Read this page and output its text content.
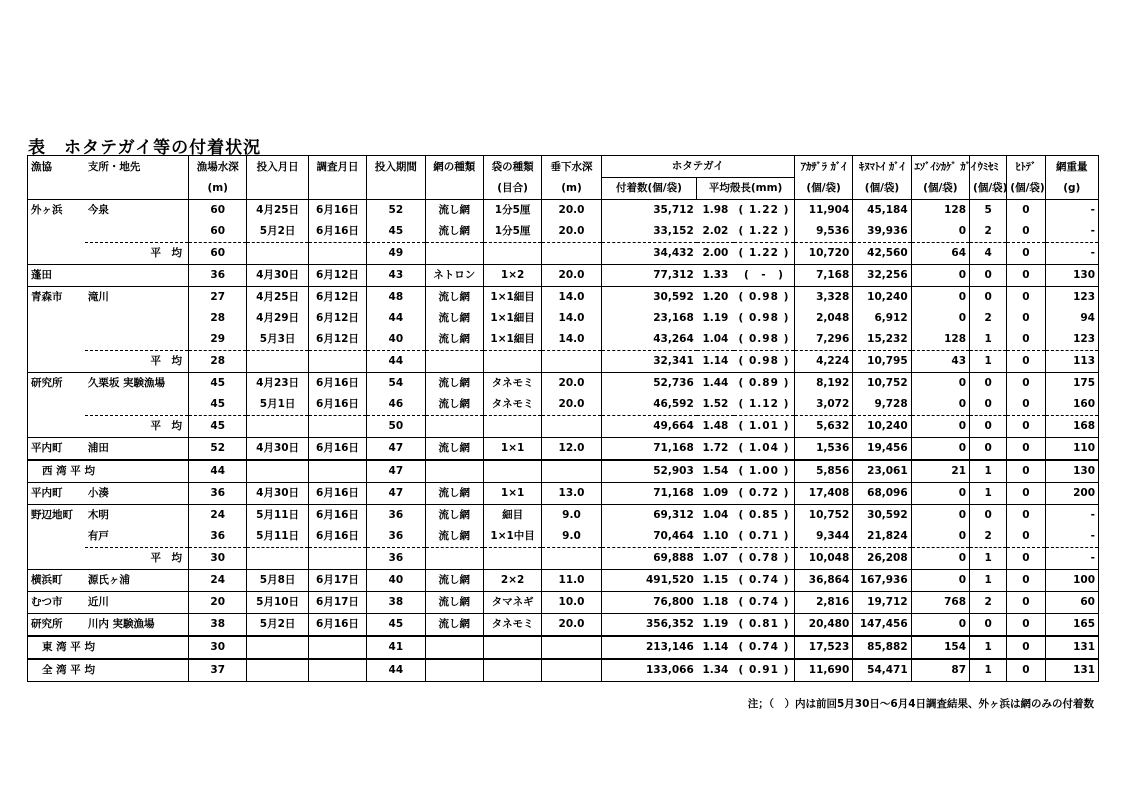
表　ホタテガイ等の付着状況
漁協	支所・地先	漁場水深	投入月日	調査月日	投入期間	網の種類	袋の種類	垂下水深	ホタテガイ			ｱｶｻﾞﾗ ｶﾞｲ	ｷﾇﾏﾄｲ ｶﾞｲ	ｴｿﾞｲｼｶｹﾞ ｶﾞｲ	ｳﾐｾﾐ	ﾋﾄﾃﾞ	網重量
		(m)					(目合)	(m)	付着数(個/袋)	平均殻長(mm)		(個/袋)	(個/袋)	(個/袋)	(個/袋)	(個/袋)	(g)
外ヶ浜	今泉	60	4月25日	6月16日	52	流し網	1分5厘	20.0	35,712	1.98	( 1.22 )	11,904	45,184	128	5	0	-
		60	5月2日	6月16日	45	流し網	1分5厘	20.0	33,152	2.02	( 1.22 )	9,536	39,936	0	2	0	-
	平　均	60			49				34,432	2.00	( 1.22 )	10,720	42,560	64	4	0	-
蓬田		36	4月30日	6月12日	43	ネトロン	1×2	20.0	77,312	1.33	(　-　)	7,168	32,256	0	0	0	130
青森市	滝川	27	4月25日	6月12日	48	流し網	1×1細目	14.0	30,592	1.20	( 0.98 )	3,328	10,240	0	0	0	123
		28	4月29日	6月12日	44	流し網	1×1細目	14.0	23,168	1.19	( 0.98 )	2,048	6,912	0	2	0	94
		29	5月3日	6月12日	40	流し網	1×1細目	14.0	43,264	1.04	( 0.98 )	7,296	15,232	128	1	0	123
	平　均	28			44				32,341	1.14	( 0.98 )	4,224	10,795	43	1	0	113
研究所	久栗坂 実験漁場	45	4月23日	6月16日	54	流し網	タネモミ	20.0	52,736	1.44	( 0.89 )	8,192	10,752	0	0	0	175
		45	5月1日	6月16日	46	流し網	タネモミ	20.0	46,592	1.52	( 1.12 )	3,072	9,728	0	0	0	160
	平　均	45			50				49,664	1.48	( 1.01 )	5,632	10,240	0	0	0	168
平内町	浦田	52	4月30日	6月16日	47	流し網	1×1	12.0	71,168	1.72	( 1.04 )	1,536	19,456	0	0	0	110
西 湾 平 均		44			47				52,903	1.54	( 1.00 )	5,856	23,061	21	1	0	130
平内町	小湊	36	4月30日	6月16日	47	流し網	1×1	13.0	71,168	1.09	( 0.72 )	17,408	68,096	0	1	0	200
野辺地町	木明	24	5月11日	6月16日	36	流し網	細目	9.0	69,312	1.04	( 0.85 )	10,752	30,592	0	0	0	-
	有戸	36	5月11日	6月16日	36	流し網	1×1中目	9.0	70,464	1.10	( 0.71 )	9,344	21,824	0	2	0	-
	平　均	30			36				69,888	1.07	( 0.78 )	10,048	26,208	0	1	0	-
横浜町	源氏ヶ浦	24	5月8日	6月17日	40	流し網	2×2	11.0	491,520	1.15	( 0.74 )	36,864	167,936	0	1	0	100
むつ市	近川	20	5月10日	6月17日	38	流し網	タマネギ	10.0	76,800	1.18	( 0.74 )	2,816	19,712	768	2	0	60
研究所	川内 実験漁場	38	5月2日	6月16日	45	流し網	タネモミ	20.0	356,352	1.19	( 0.81 )	20,480	147,456	0	0	0	165
東 湾 平 均		30			41				213,146	1.14	( 0.74 )	17,523	85,882	154	1	0	131
全 湾 平 均		37			44				133,066	1.34	( 0.91 )	11,690	54,471	87	1	0	131
注；（　）内は前回5月30日～6月4日調査結果、外ヶ浜は網のみの付着数
